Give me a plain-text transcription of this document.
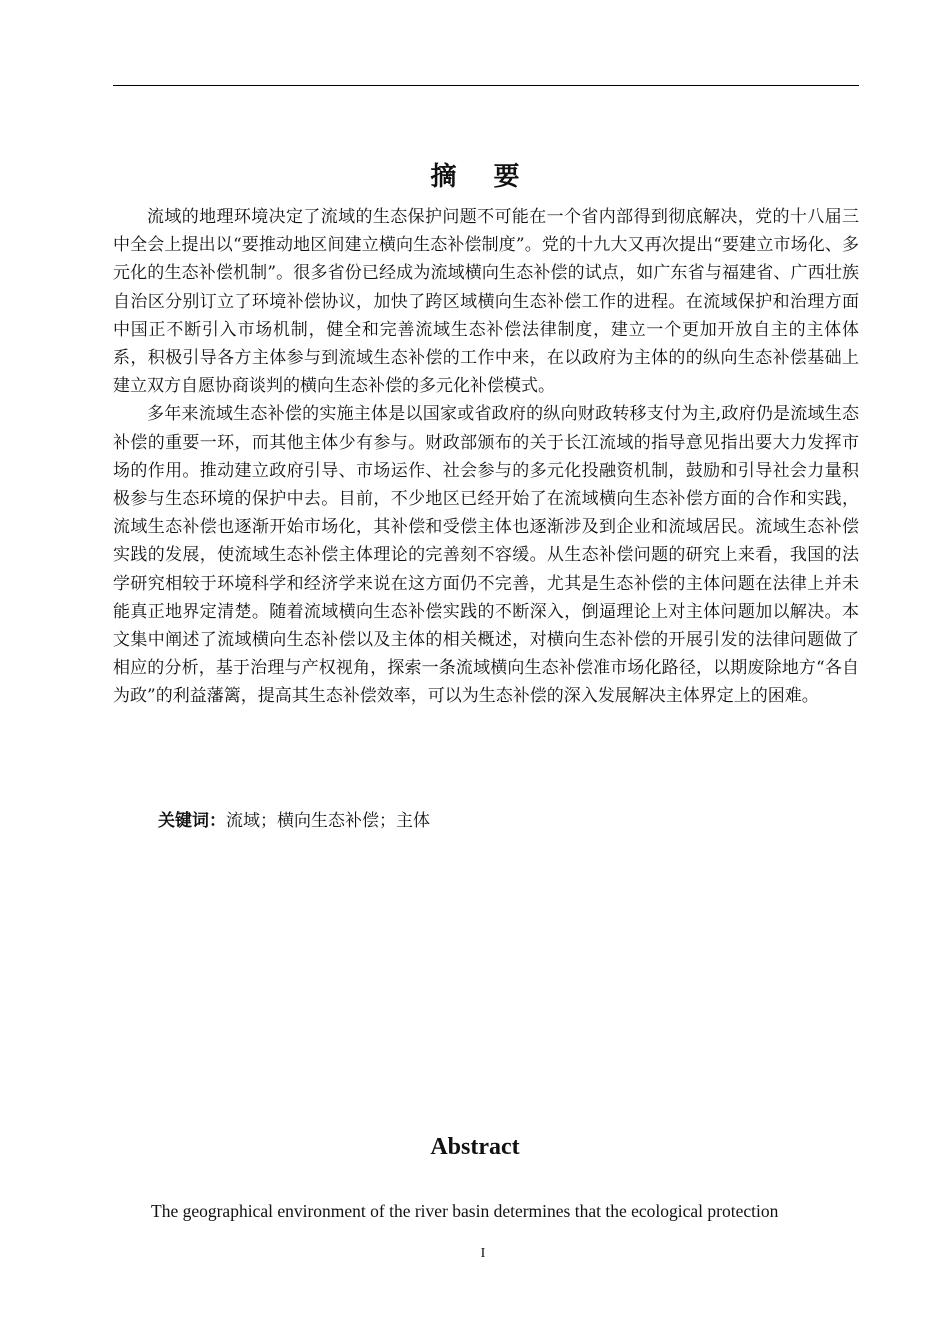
摘 要

流域的地理环境决定了流域的生态保护问题不可能在一个省内部得到彻底解决，党的十八届三中全会上提出以“要推动地区间建立横向生态补偿制度”。党的十九大又再次提出“要建立市场化、多元化的生态补偿机制”。很多省份已经成为流域横向生态补偿的试点，如广东省与福建省、广西壮族自治区分别订立了环境补偿协议，加快了跨区域横向生态补偿工作的进程。在流域保护和治理方面中国正不断引入市场机制，健全和完善流域生态补偿法律制度，建立一个更加开放自主的主体体系，积极引导各方主体参与到流域生态补偿的工作中来，在以政府为主体的的纵向生态补偿基础上建立双方自愿协商谈判的横向生态补偿的多元化补偿模式。

多年来流域生态补偿的实施主体是以国家或省政府的纵向财政转移支付为主,政府仍是流域生态补偿的重要一环，而其他主体少有参与。财政部颁布的关于长江流域的指导意见指出要大力发挥市场的作用。推动建立政府引导、市场运作、社会参与的多元化投融资机制，鼓励和引导社会力量积极参与生态环境的保护中去。目前，不少地区已经开始了在流域横向生态补偿方面的合作和实践，流域生态补偿也逐渐开始市场化，其补偿和受偿主体也逐渐涉及到企业和流域居民。流域生态补偿实践的发展，使流域生态补偿主体理论的完善刻不容缓。从生态补偿问题的研究上来看，我国的法学研究相较于环境科学和经济学来说在这方面仍不完善，尤其是生态补偿的主体问题在法律上并未能真正地界定清楚。随着流域横向生态补偿实践的不断深入，倒逼理论上对主体问题加以解决。本文集中阐述了流域横向生态补偿以及主体的相关概述，对横向生态补偿的开展引发的法律问题做了相应的分析，基于治理与产权视角，探索一条流域横向生态补偿准市场化路径，以期废除地方“各自为政”的利益藩篱，提高其生态补偿效率，可以为生态补偿的深入发展解决主体界定上的困难。

关键词：流域；横向生态补偿；主体
Abstract

The geographical environment of the river basin determines that the ecological protection

I
